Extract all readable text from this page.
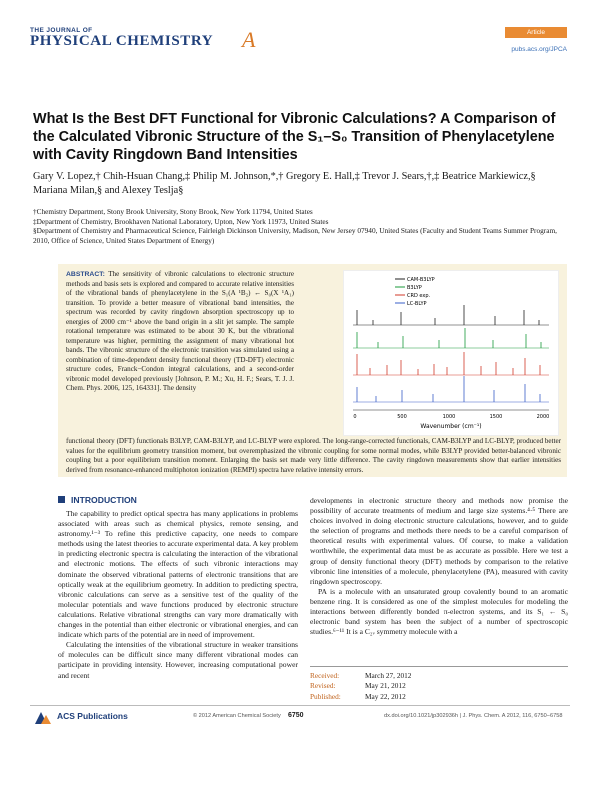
THE JOURNAL OF
PHYSICAL CHEMISTRY A	Article
pubs.acs.org/JPCA
What Is the Best DFT Functional for Vibronic Calculations? A Comparison of the Calculated Vibronic Structure of the S₁–S₀ Transition of Phenylacetylene with Cavity Ringdown Band Intensities
Gary V. Lopez,† Chih-Hsuan Chang,‡ Philip M. Johnson,*,† Gregory E. Hall,‡ Trevor J. Sears,†,‡ Beatrice Markiewicz,§ Mariana Milan,§ and Alexey Teslja§
†Chemistry Department, Stony Brook University, Stony Brook, New York 11794, United States
‡Department of Chemistry, Brookhaven National Laboratory, Upton, New York 11973, United States
§Department of Chemistry and Pharmaceutical Science, Fairleigh Dickinson University, Madison, New Jersey 07940, United States (Faculty and Student Teams Summer Program, 2010, Office of Science, United States Department of Energy)
ABSTRACT: The sensitivity of vibronic calculations to electronic structure methods and basis sets is explored and compared to accurate relative intensities of the vibrational bands of phenylacetylene in the S₁(A ¹B₂) ← S₀(X ¹A₁) transition. To provide a better measure of vibrational band intensities, the spectrum was recorded by cavity ringdown absorption spectroscopy up to energies of 2000 cm⁻¹ above the band origin in a slit jet sample. The sample rotational temperature was estimated to be about 30 K, but the vibrational temperature was higher, permitting the assignment of many vibrational hot bands. The vibronic structure of the electronic transition was simulated using a combination of time-dependent density functional theory (TD-DFT) electronic structure codes, Franck−Condon integral calculations, and a second-order vibronic model developed previously [Johnson, P. M.; Xu, H. F.; Sears, T. J. J. Chem. Phys. 2006, 125, 164331]. The density
functional theory (DFT) functionals B3LYP, CAM-B3LYP, and LC-BLYP were explored. The long-range-corrected functionals, CAM-B3LYP and LC-BLYP, produced better values for the equilibrium geometry transition moment, but overemphasized the vibronic coupling for some normal modes, while B3LYP provided better-balanced vibronic coupling but a poor equilibrium transition moment. Enlarging the basis set made very little difference. The cavity ringdown measurements show that earlier intensities derived from resonance-enhanced multiphoton ionization (REMPI) spectra have relative intensity errors.
CAM-B3LYP
B3LYP
CRD exp.
LC-BLYP
0	500	1000	1500	2000
Wavenumber (cm⁻¹)
INTRODUCTION

The capability to predict optical spectra has many applications in problems associated with areas such as chemical physics, remote sensing, and astronomy.¹⁻³ To refine this predictive capacity, one needs to compare methods using the latest theories to accurate experimental data. A key problem in predicting electronic spectra is calculating the interaction of the vibrational and electronic motions. The effects of such vibronic interactions may dominate the observed vibrational patterns of electronic transitions that are optically weak at the equilibrium geometry. In addition to predicting spectra, vibronic calculations can serve as a sensitive test of the quality of the molecular potentials and wave functions produced by electronic structure calculations. Relative vibrational strengths can vary more dramatically with changes in the potential than either electronic or vibrational energies, and can indicate which parts of the potential are in need of improvement.

Calculating the intensities of the vibrational structure in weaker transitions of molecules can be difficult since many different vibrational modes can participate in providing intensity. However, increasing computational power and recent

developments in electronic structure theory and methods now promise the possibility of accurate treatments of medium and large size systems.⁴·⁵ There are choices involved in doing electronic structure calculations, however, and to guide the selection of programs and methods there needs to be a careful comparison of theoretical results with experimental values. Of course, to make a validation worthwhile, the experimental data must be as accurate as possible. Here we test a group of density functional theory (DFT) methods by comparison to the relative vibronic line intensities of a molecule, phenylacetylene (PA), measured with cavity ringdown spectroscopy.

PA is a molecule with an unsaturated group covalently bound to an aromatic benzene ring. It is considered as one of the simplest molecules for modeling the interactions between differently bonded π-electron systems, and its S₁ ← S₀ electronic band system has been the subject of a number of spectroscopic studies.⁶⁻¹¹ It is a C₂ᵥ symmetry molecule with a

Received:	March 27, 2012
Revised:	May 21, 2012
Published:	May 22, 2012
ACS Publications	© 2012 American Chemical Society 6750	dx.doi.org/10.1021/jp302936h | J. Phys. Chem. A 2012, 116, 6750−6758
